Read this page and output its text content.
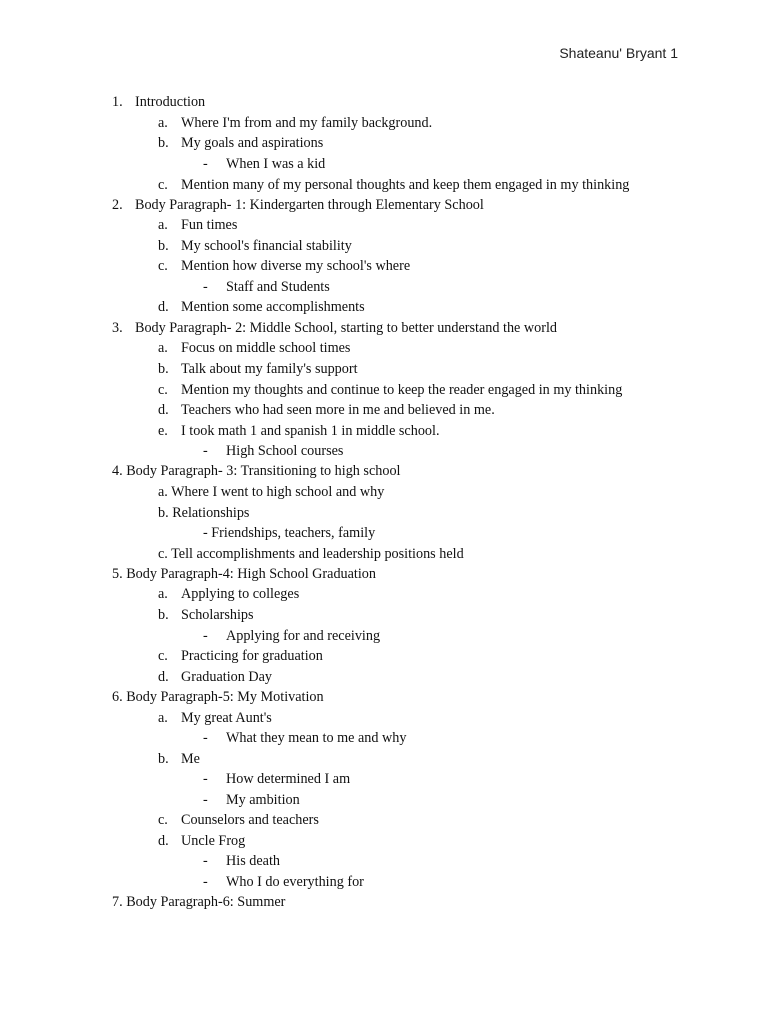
Shateanu' Bryant 1
1. Introduction
a. Where I'm from and my family background.
b. My goals and aspirations
- When I was a kid
c. Mention many of my personal thoughts and keep them engaged in my thinking
2. Body Paragraph- 1: Kindergarten through Elementary School
a. Fun times
b. My school's financial stability
c. Mention how diverse my school's where
- Staff and Students
d. Mention some accomplishments
3. Body Paragraph- 2: Middle School, starting to better understand the world
a. Focus on middle school times
b. Talk about my family's support
c. Mention my thoughts and continue to keep the reader engaged in my thinking
d. Teachers who had seen more in me and believed in me.
e. I took math 1 and spanish 1 in middle school.
- High School courses
4. Body Paragraph- 3: Transitioning to high school
a. Where I went to high school and why
b. Relationships
- Friendships, teachers, family
c. Tell accomplishments and leadership positions held
5. Body Paragraph-4: High School Graduation
a. Applying to colleges
b. Scholarships
- Applying for and receiving
c. Practicing for graduation
d. Graduation Day
6. Body Paragraph-5: My Motivation
a. My great Aunt's
- What they mean to me and why
b. Me
- How determined I am
- My ambition
c. Counselors and teachers
d. Uncle Frog
- His death
- Who I do everything for
7. Body Paragraph-6: Summer
